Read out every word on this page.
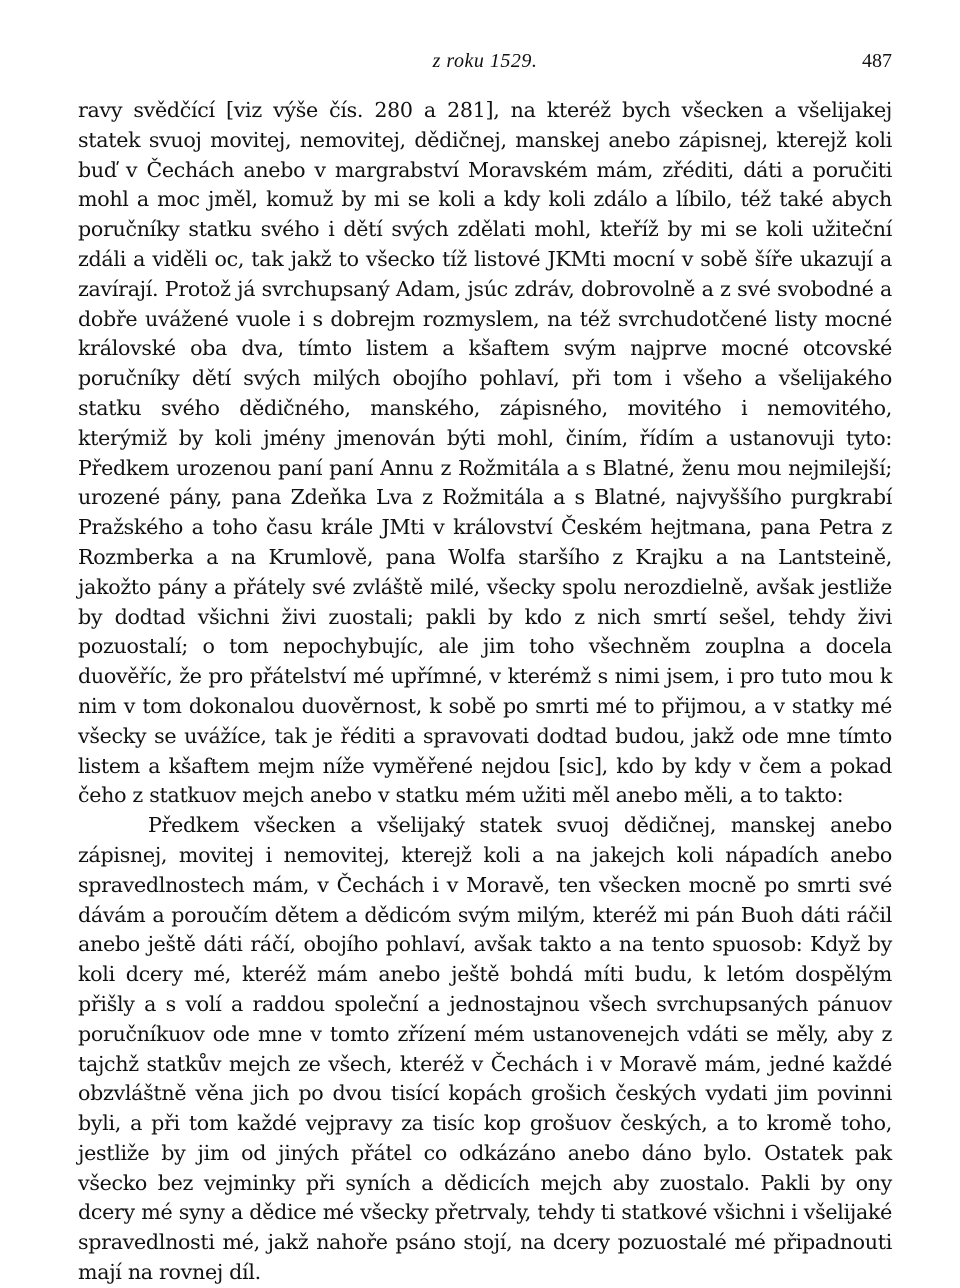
z roku 1529.	487

ravy svědčící [viz výše čís. 280 a 281], na kteréž bych všecken a všelijakej statek svuoj movitej, nemovitej, dědičnej, manskej anebo zápisnej, kterejž koli buď v Čechách anebo v margrabství Moravském mám, zřéditi, dáti a poručiti mohl a moc jměl, komuž by mi se koli a kdy koli zdálo a líbilo, též také abych poručníky statku svého i dětí svých zdělati mohl, kteříž by mi se koli užiteční zdáli a viděli oc, tak jakž to všecko tíž listové JKMti mocní v sobě šíře ukazují a zavírají. Protož já svrchupsaný Adam, jsúc zdráv, dobrovolně a z své svobodné a dobře uvážené vuole i s dobrejm rozmyslem, na též svrchudotčené listy mocné královské oba dva, tímto listem a kšaftem svým najprve mocné otcovské poručníky dětí svých milých obojího pohlaví, při tom i všeho a všelijakého statku svého dědičného, manského, zápisného, movitého i nemovitého, kterýmiž by koli jmény jmenován býti mohl, činím, řídím a ustanovuji tyto: Předkem urozenou paní paní Annu z Rožmitála a s Blatné, ženu mou nejmilejší; urozené pány, pana Zdeňka Lva z Rožmitála a s Blatné, najvyššího purgkrabí Pražského a toho času krále JMti v království Českém hejtmana, pana Petra z Rozmberka a na Krumlově, pana Wolfa staršího z Krajku a na Lantsteině, jakožto pány a přátely své zvláště milé, všecky spolu nerozdielně, avšak jestliže by dodtad všichni živi zuostali; pakli by kdo z nich smrtí sešel, tehdy živi pozuostalí; o tom nepochybujíc, ale jim toho všechněm zouplna a docela duověříc, že pro přátelství mé upřímné, v kterémž s nimi jsem, i pro tuto mou k nim v tom dokonalou duověrnost, k sobě po smrti mé to přijmou, a v statky mé všecky se uvážíce, tak je řéditi a spravovati dodtad budou, jakž ode mne tímto listem a kšaftem mejm níže vyměřené nejdou [sic], kdo by kdy v čem a pokad čeho z statkuov mejch anebo v statku mém užiti měl anebo měli, a to takto:

Předkem všecken a všelijaký statek svuoj dědičnej, manskej anebo zápisnej, movitej i nemovitej, kterejž koli a na jakejch koli nápadích anebo spravedlnostech mám, v Čechách i v Moravě, ten všecken mocně po smrti své dávám a poroučím dětem a dědicóm svým milým, kteréž mi pán Buoh dáti ráčil anebo ještě dáti ráčí, obojího pohlaví, avšak takto a na tento spuosob: Když by koli dcery mé, kteréž mám anebo ještě bohdá míti budu, k letóm dospělým přišly a s volí a raddou společní a jednostajnou všech svrchupsaných pánuov poručníkuov ode mne v tomto zřízení mém ustanovenejch vdáti se měly, aby z tajchž statkův mejch ze všech, kteréž v Čechách i v Moravě mám, jedné každé obzvláštně věna jich po dvou tisící kopách grošich českých vydati jim povinni byli, a při tom každé vejpravy za tisíc kop grošuov českých, a to kromě toho, jestliže by jim od jiných přátel co odkázáno anebo dáno bylo. Ostatek pak všecko bez vejminky při syních a dědicích mejch aby zuostalo. Pakli by ony dcery mé syny a dědice mé všecky přetrvaly, tehdy ti statkové všichni i všelijaké spravedlnosti mé, jakž nahoře psáno stojí, na dcery pozuostalé mé připadnouti mají na rovnej díl.
